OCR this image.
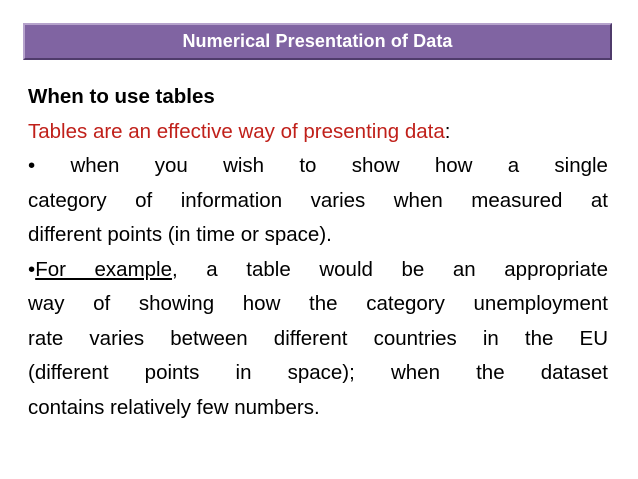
Numerical Presentation of Data
When to use tables
Tables are an effective way of presenting data:
• when you wish to show how a single
category of information varies when measured at
different points (in time or space).
•For example, a table would be an appropriate
way of showing how the category unemployment
rate varies between different countries in the EU
(different points in space); when the dataset
contains relatively few numbers.
